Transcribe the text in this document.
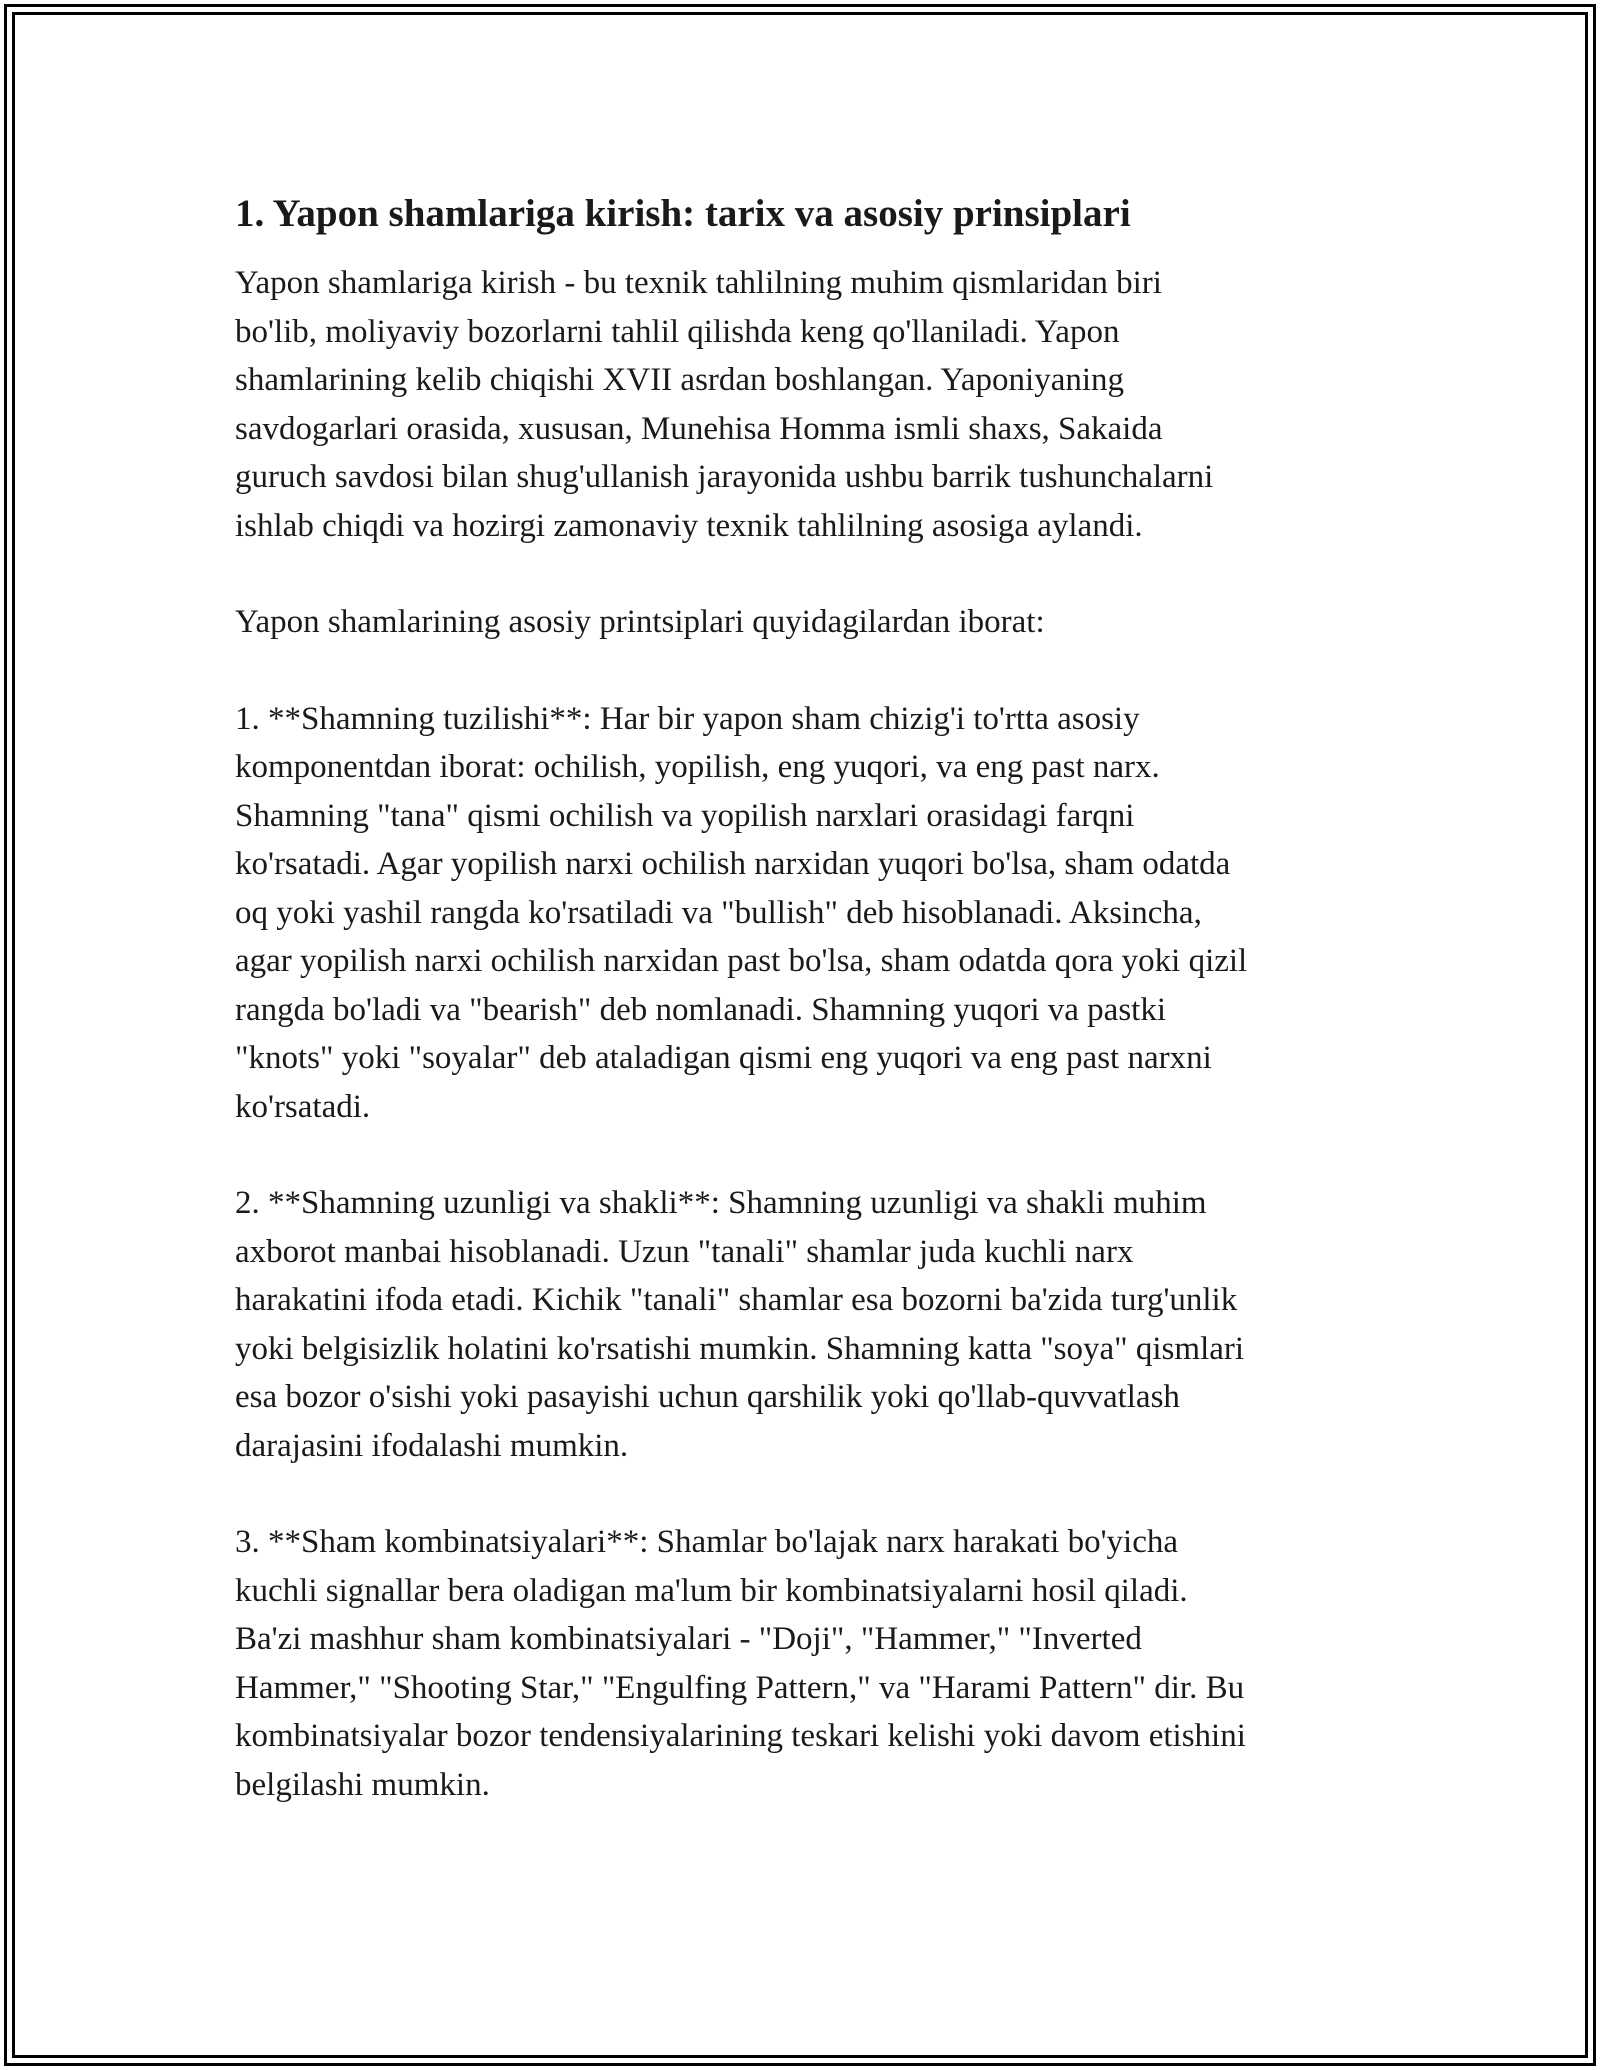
1. Yapon shamlariga kirish: tarix va asosiy prinsiplari

Yapon shamlariga kirish - bu texnik tahlilning muhim qismlaridan biri
bo'lib, moliyaviy bozorlarni tahlil qilishda keng qo'llaniladi. Yapon
shamlarining kelib chiqishi XVII asrdan boshlangan. Yaponiyaning
savdogarlari orasida, xususan, Munehisa Homma ismli shaxs, Sakaida
guruch savdosi bilan shug'ullanish jarayonida ushbu barrik tushunchalarni
ishlab chiqdi va hozirgi zamonaviy texnik tahlilning asosiga aylandi.

Yapon shamlarining asosiy printsiplari quyidagilardan iborat:

1. **Shamning tuzilishi**: Har bir yapon sham chizig'i to'rtta asosiy
komponentdan iborat: ochilish, yopilish, eng yuqori, va eng past narx.
Shamning "tana" qismi ochilish va yopilish narxlari orasidagi farqni
ko'rsatadi. Agar yopilish narxi ochilish narxidan yuqori bo'lsa, sham odatda
oq yoki yashil rangda ko'rsatiladi va "bullish" deb hisoblanadi. Aksincha,
agar yopilish narxi ochilish narxidan past bo'lsa, sham odatda qora yoki qizil
rangda bo'ladi va "bearish" deb nomlanadi. Shamning yuqori va pastki
"knots" yoki "soyalar" deb ataladigan qismi eng yuqori va eng past narxni
ko'rsatadi.

2. **Shamning uzunligi va shakli**: Shamning uzunligi va shakli muhim
axborot manbai hisoblanadi. Uzun "tanali" shamlar juda kuchli narx
harakatini ifoda etadi. Kichik "tanali" shamlar esa bozorni ba'zida turg'unlik
yoki belgisizlik holatini ko'rsatishi mumkin. Shamning katta "soya" qismlari
esa bozor o'sishi yoki pasayishi uchun qarshilik yoki qo'llab-quvvatlash
darajasini ifodalashi mumkin.

3. **Sham kombinatsiyalari**: Shamlar bo'lajak narx harakati bo'yicha
kuchli signallar bera oladigan ma'lum bir kombinatsiyalarni hosil qiladi.
Ba'zi mashhur sham kombinatsiyalari - "Doji", "Hammer," "Inverted
Hammer," "Shooting Star," "Engulfing Pattern," va "Harami Pattern" dir. Bu
kombinatsiyalar bozor tendensiyalarining teskari kelishi yoki davom etishini
belgilashi mumkin.
